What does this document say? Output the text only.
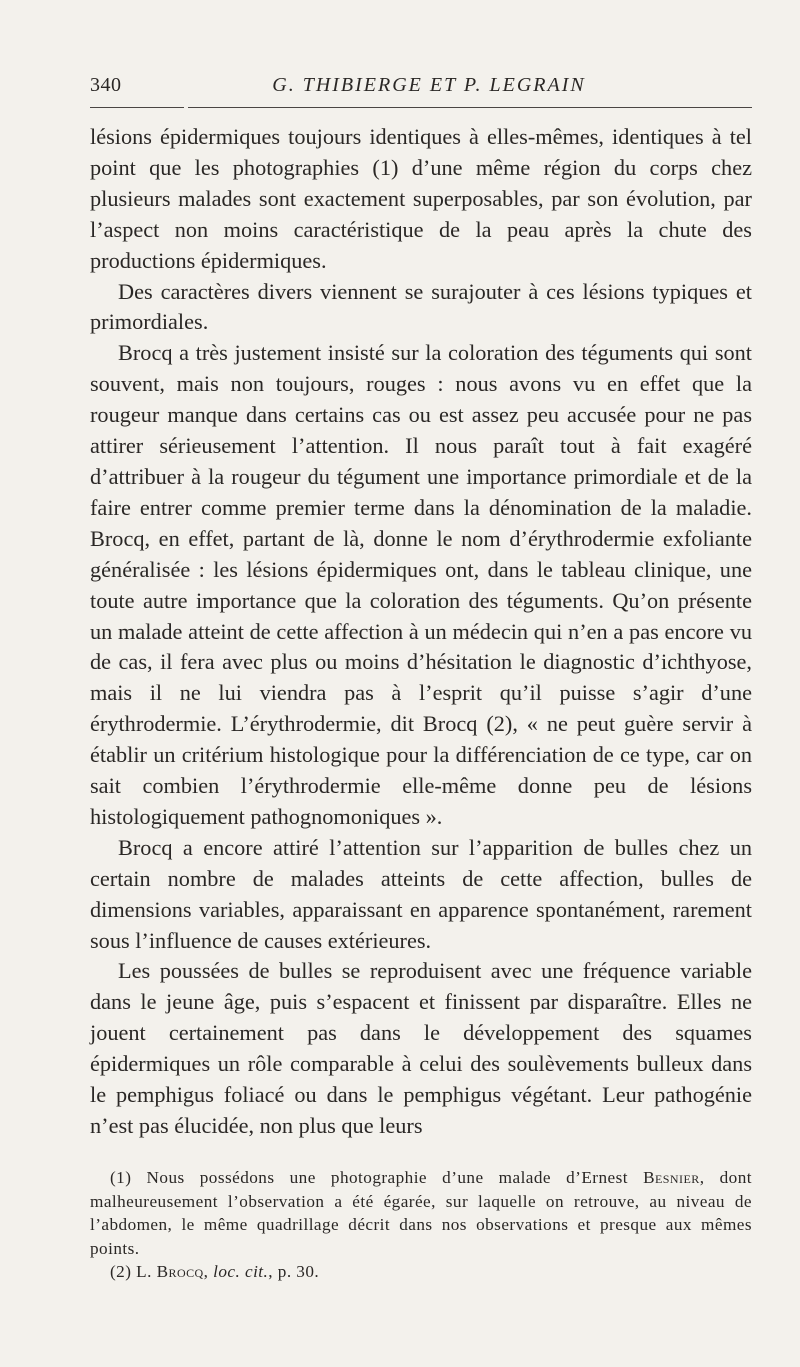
340	G. THIBIERGE ET P. LEGRAIN

lésions épidermiques toujours identiques à elles-mêmes, identiques à tel point que les photographies (1) d’une même région du corps chez plusieurs malades sont exactement superposables, par son évolution, par l’aspect non moins caractéristique de la peau après la chute des productions épidermiques.

Des caractères divers viennent se surajouter à ces lésions typiques et primordiales.

Brocq a très justement insisté sur la coloration des téguments qui sont souvent, mais non toujours, rouges : nous avons vu en effet que la rougeur manque dans certains cas ou est assez peu accusée pour ne pas attirer sérieusement l’attention. Il nous paraît tout à fait exagéré d’attribuer à la rougeur du tégument une importance primordiale et de la faire entrer comme premier terme dans la dénomination de la maladie. Brocq, en effet, partant de là, donne le nom d’érythrodermie exfoliante généralisée : les lésions épidermiques ont, dans le tableau clinique, une toute autre importance que la coloration des téguments. Qu’on présente un malade atteint de cette affection à un médecin qui n’en a pas encore vu de cas, il fera avec plus ou moins d’hésitation le diagnostic d’ichthyose, mais il ne lui viendra pas à l’esprit qu’il puisse s’agir d’une érythrodermie. L’érythrodermie, dit Brocq (2), « ne peut guère servir à établir un critérium histologique pour la différenciation de ce type, car on sait combien l’érythrodermie elle-même donne peu de lésions histologiquement pathognomoniques ».

Brocq a encore attiré l’attention sur l’apparition de bulles chez un certain nombre de malades atteints de cette affection, bulles de dimensions variables, apparaissant en apparence spontanément, rarement sous l’influence de causes extérieures.

Les poussées de bulles se reproduisent avec une fréquence variable dans le jeune âge, puis s’espacent et finissent par disparaître. Elles ne jouent certainement pas dans le développement des squames épidermiques un rôle comparable à celui des soulèvements bulleux dans le pemphigus foliacé ou dans le pemphigus végétant. Leur pathogénie n’est pas élucidée, non plus que leurs

(1) Nous possédons une photographie d’une malade d’Ernest Besnier, dont malheureusement l’observation a été égarée, sur laquelle on retrouve, au niveau de l’abdomen, le même quadrillage décrit dans nos observations et presque aux mêmes points.

(2) L. Brocq, loc. cit., p. 30.
